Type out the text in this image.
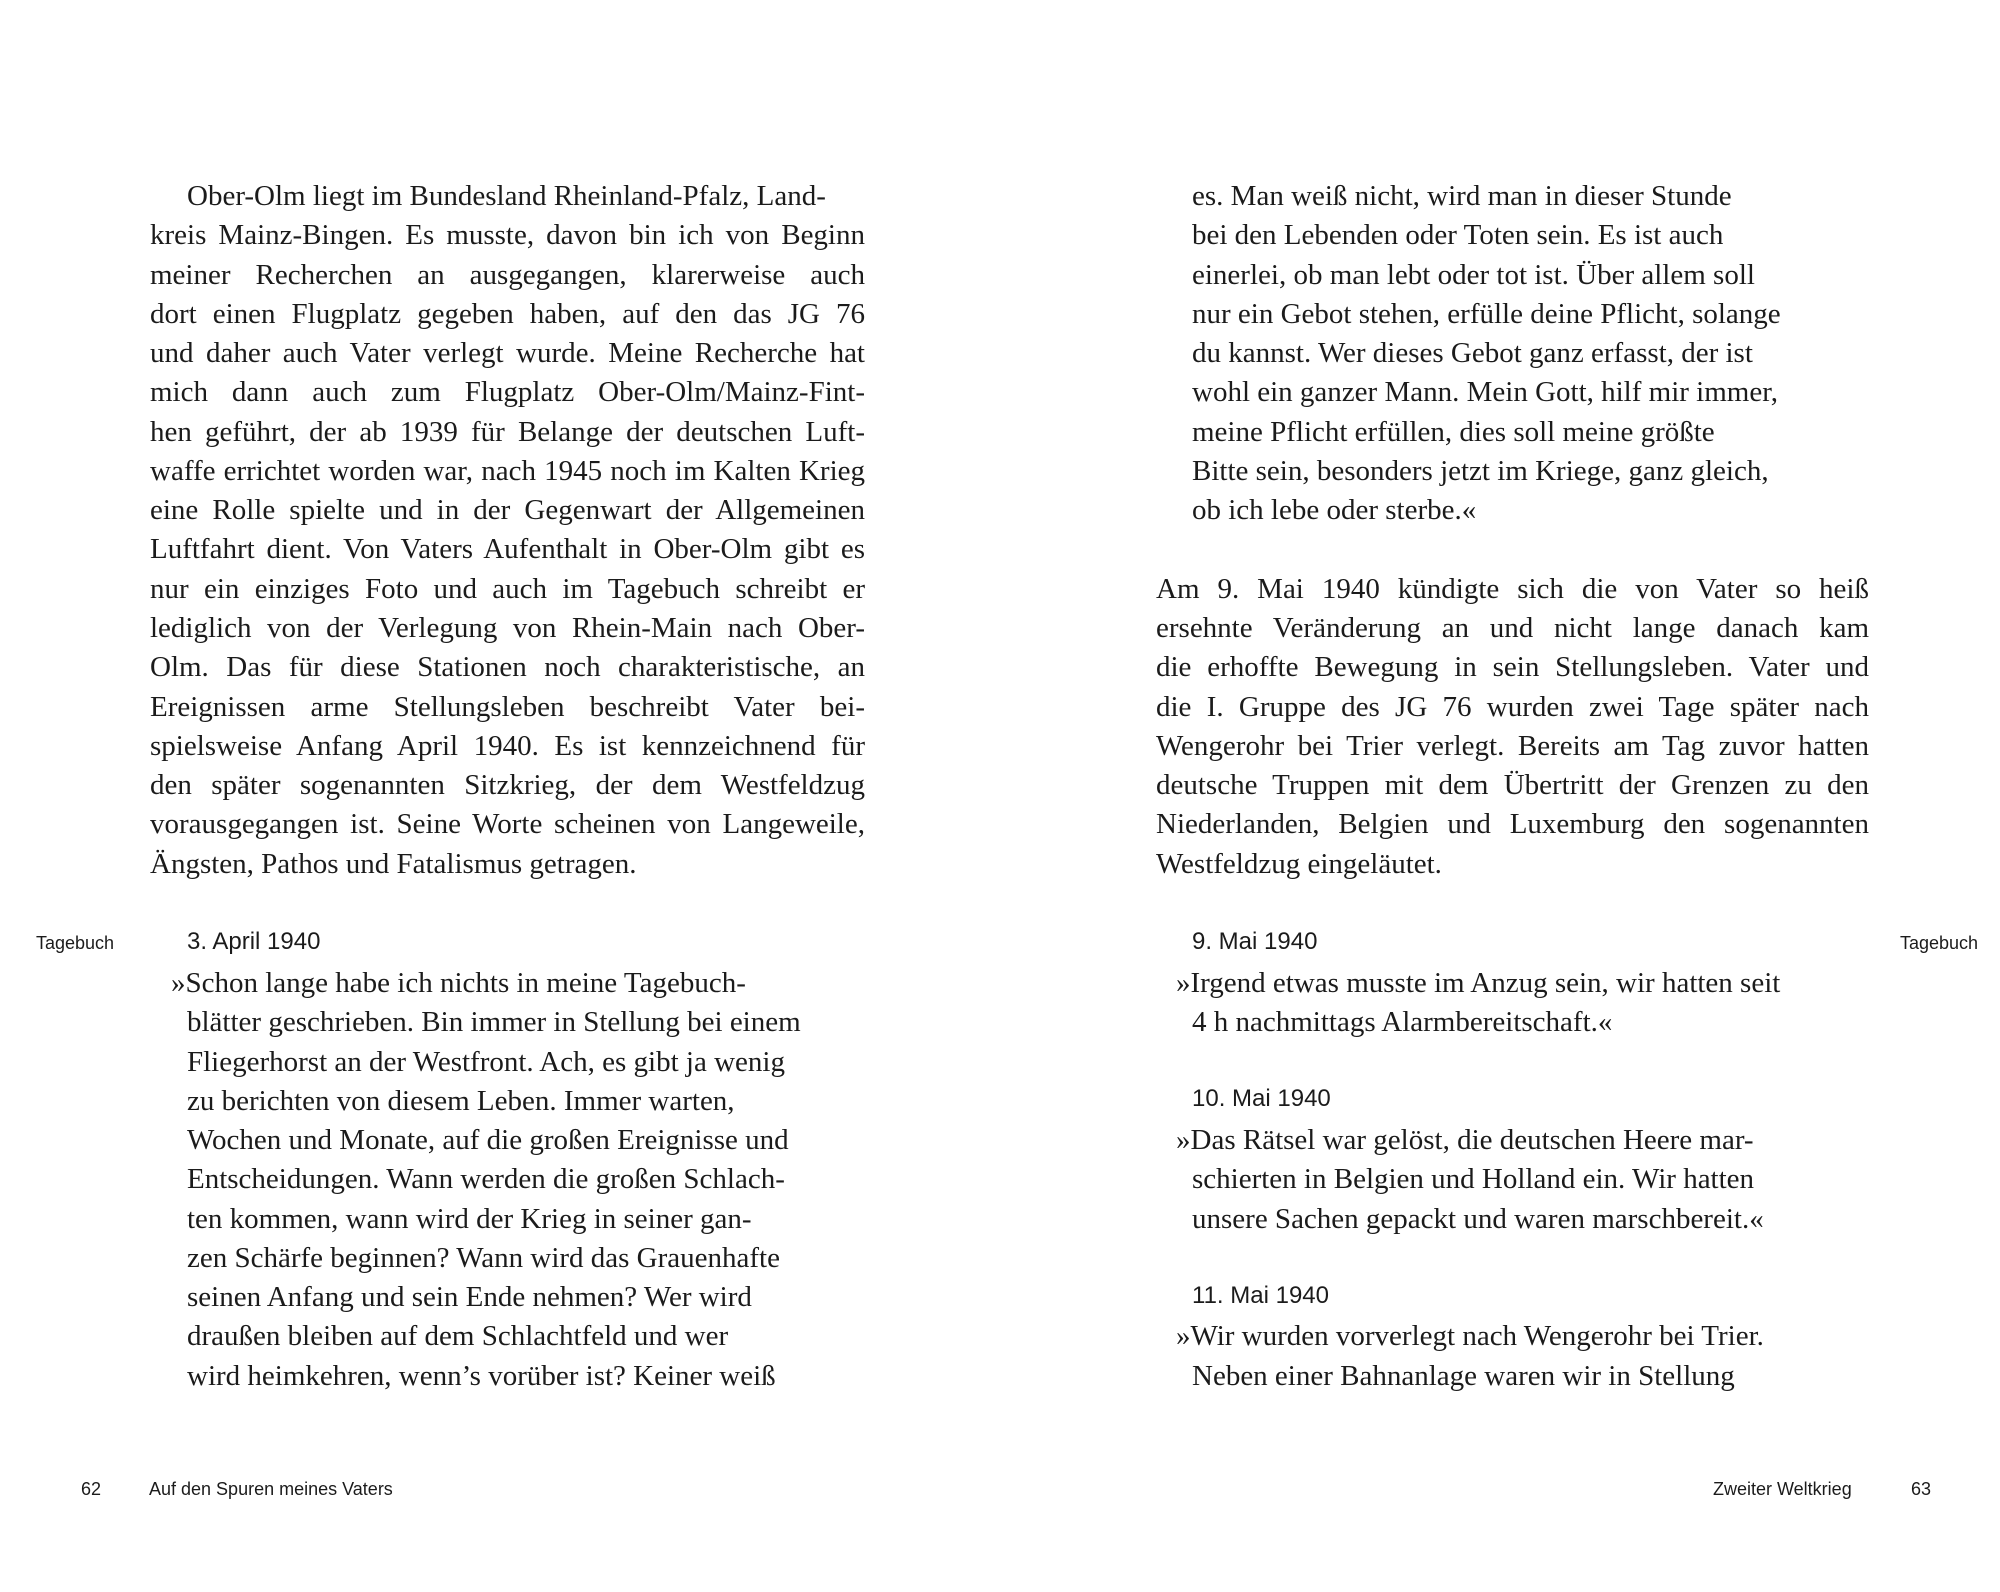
Ober-Olm liegt im Bundesland Rheinland-Pfalz, Land-
kreis Mainz-Bingen. Es musste, davon bin ich von Beginn
meiner Recherchen an ausgegangen, klarerweise auch
dort einen Flugplatz gegeben haben, auf den das JG 76
und daher auch Vater verlegt wurde. Meine Recherche hat
mich dann auch zum Flugplatz Ober-Olm/Mainz-Fint-
hen geführt, der ab 1939 für Belange der deutschen Luft-
waffe errichtet worden war, nach 1945 noch im Kalten Krieg
eine Rolle spielte und in der Gegenwart der Allgemeinen
Luftfahrt dient. Von Vaters Aufenthalt in Ober-Olm gibt es
nur ein einziges Foto und auch im Tagebuch schreibt er
lediglich von der Verlegung von Rhein-Main nach Ober-
Olm. Das für diese Stationen noch charakteristische, an
Ereignissen arme Stellungsleben beschreibt Vater bei-
spielsweise Anfang April 1940. Es ist kennzeichnend für
den später sogenannten Sitzkrieg, der dem Westfeldzug
vorausgegangen ist. Seine Worte scheinen von Langeweile,
Ängsten, Pathos und Fatalismus getragen.
Tagebuch	3. April 1940
»Schon lange habe ich nichts in meine Tagebuch-
blätter geschrieben. Bin immer in Stellung bei einem
Fliegerhorst an der Westfront. Ach, es gibt ja wenig
zu berichten von diesem Leben. Immer warten,
Wochen und Monate, auf die großen Ereignisse und
Entscheidungen. Wann werden die großen Schlach-
ten kommen, wann wird der Krieg in seiner gan-
zen Schärfe beginnen? Wann wird das Grauenhafte
seinen Anfang und sein Ende nehmen? Wer wird
draußen bleiben auf dem Schlachtfeld und wer
wird heimkehren, wenn’s vorüber ist? Keiner weiß
62	Auf den Spuren meines Vaters
es. Man weiß nicht, wird man in dieser Stunde
bei den Lebenden oder Toten sein. Es ist auch
einerlei, ob man lebt oder tot ist. Über allem soll
nur ein Gebot stehen, erfülle deine Pflicht, solange
du kannst. Wer dieses Gebot ganz erfasst, der ist
wohl ein ganzer Mann. Mein Gott, hilf mir immer,
meine Pflicht erfüllen, dies soll meine größte
Bitte sein, besonders jetzt im Kriege, ganz gleich,
ob ich lebe oder sterbe.«
Am 9. Mai 1940 kündigte sich die von Vater so heiß
ersehnte Veränderung an und nicht lange danach kam
die erhoffte Bewegung in sein Stellungsleben. Vater und
die I. Gruppe des JG 76 wurden zwei Tage später nach
Wengerohr bei Trier verlegt. Bereits am Tag zuvor hatten
deutsche Truppen mit dem Übertritt der Grenzen zu den
Niederlanden, Belgien und Luxemburg den sogenannten
Westfeldzug eingeläutet.
Tagebuch
9. Mai 1940
»Irgend etwas musste im Anzug sein, wir hatten seit
4 h nachmittags Alarmbereitschaft.«
10. Mai 1940
»Das Rätsel war gelöst, die deutschen Heere mar-
schierten in Belgien und Holland ein. Wir hatten
unsere Sachen gepackt und waren marschbereit.«
11. Mai 1940
»Wir wurden vorverlegt nach Wengerohr bei Trier.
Neben einer Bahnanlage waren wir in Stellung
Zweiter Weltkrieg	63
